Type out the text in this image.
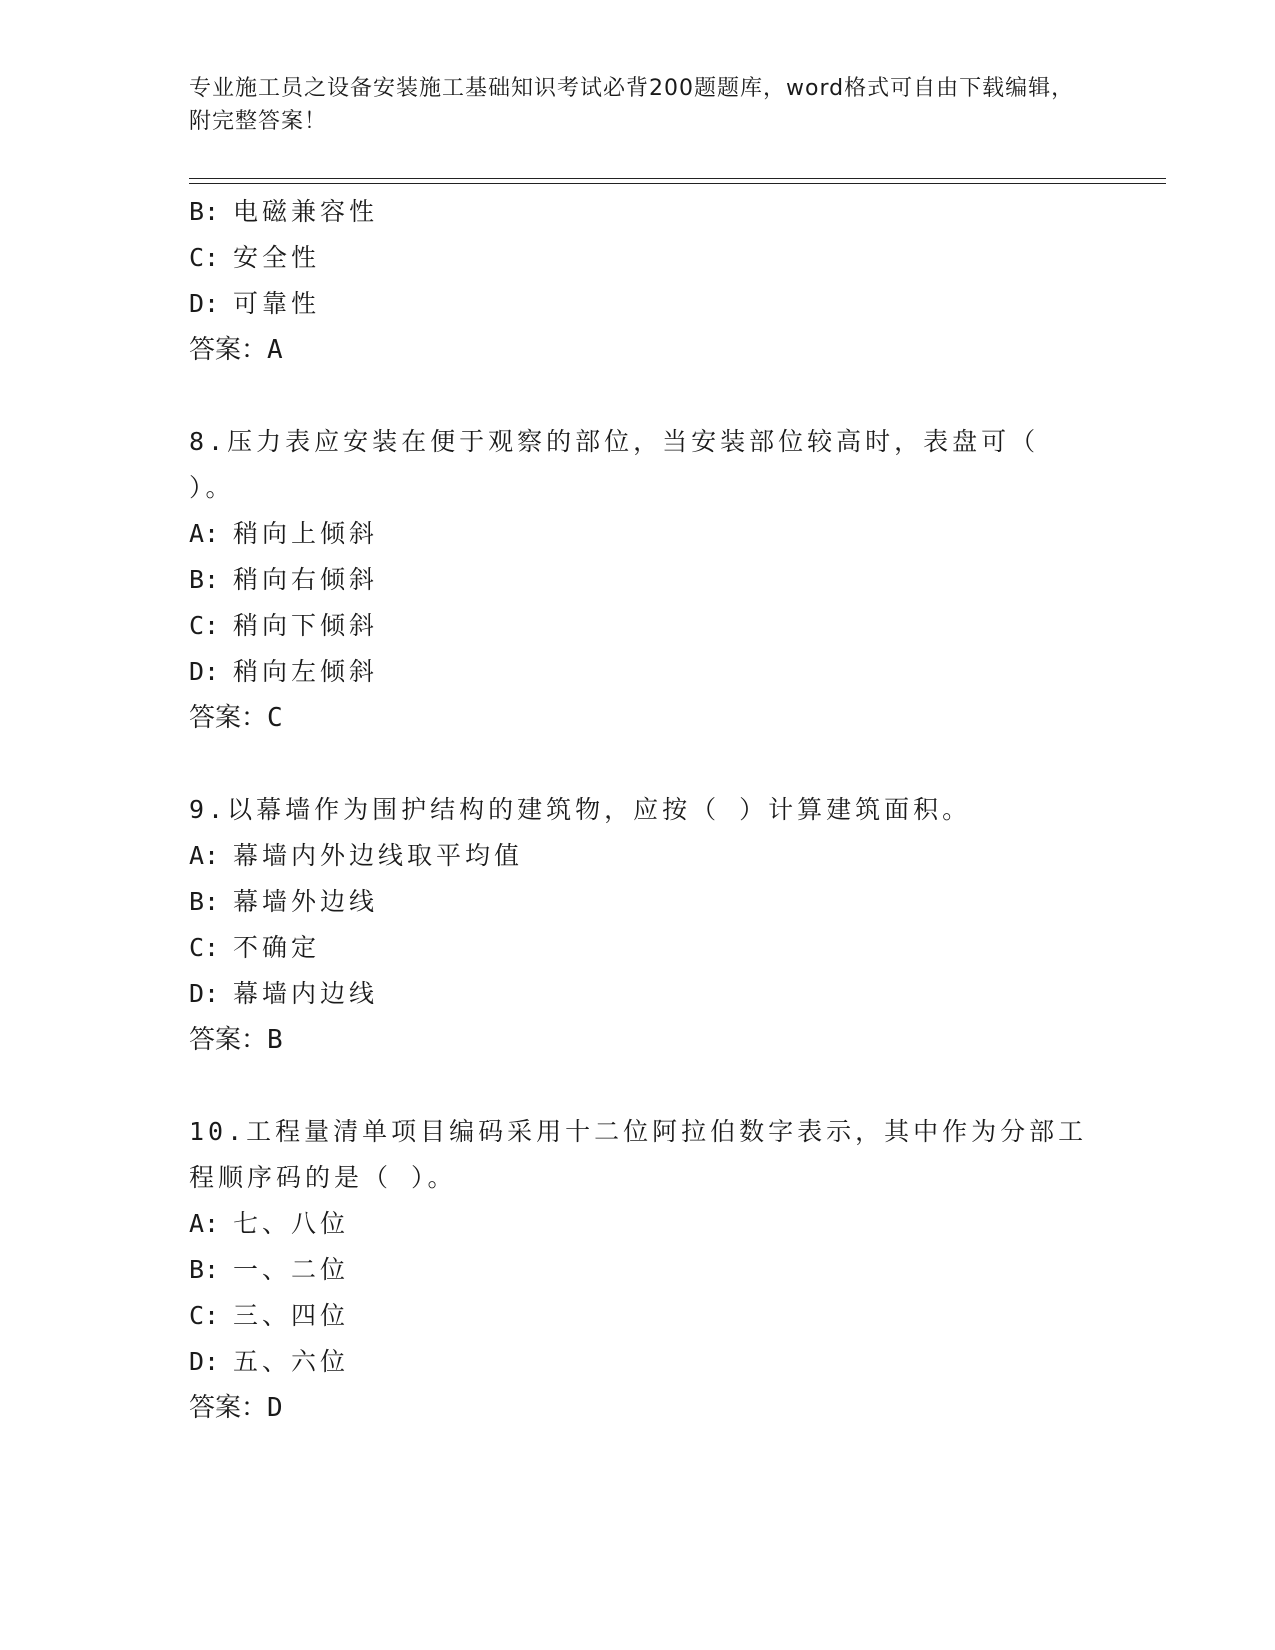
专业施工员之设备安装施工基础知识考试必背200题题库，word格式可自由下载编辑，附完整答案！
B: 电磁兼容性
C: 安全性
D: 可靠性
答案：A
8.压力表应安装在便于观察的部位，当安装部位较高时，表盘可（ ）。
A: 稍向上倾斜
B: 稍向右倾斜
C: 稍向下倾斜
D: 稍向左倾斜
答案：C
9.以幕墙作为围护结构的建筑物，应按（ ）计算建筑面积。
A: 幕墙内外边线取平均值
B: 幕墙外边线
C: 不确定
D: 幕墙内边线
答案：B
10.工程量清单项目编码采用十二位阿拉伯数字表示，其中作为分部工程顺序码的是（ ）。
A: 七、八位
B: 一、二位
C: 三、四位
D: 五、六位
答案：D
